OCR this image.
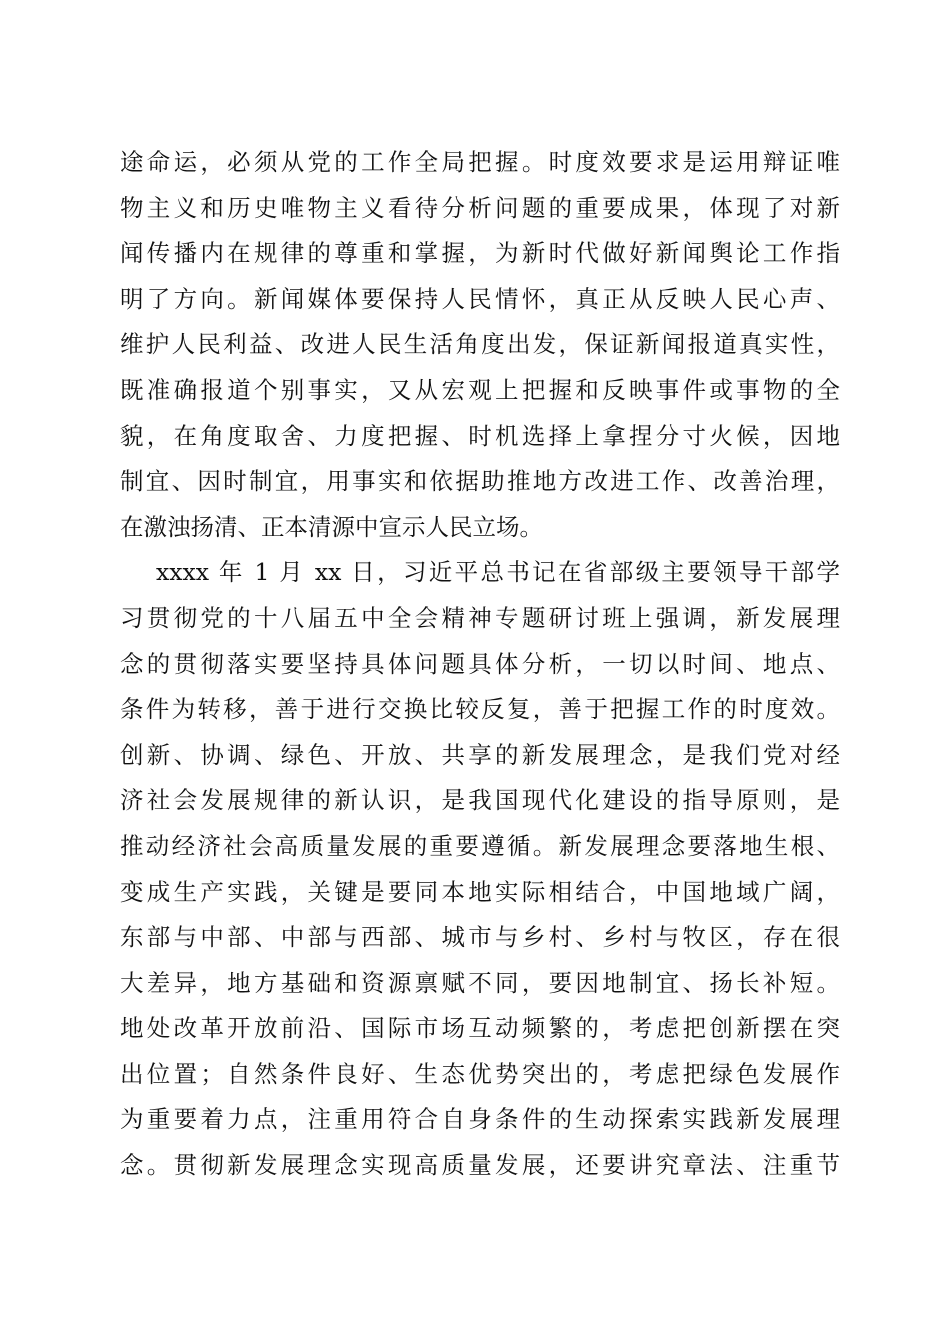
途命运，必须从党的工作全局把握。时度效要求是运用辩证唯
物主义和历史唯物主义看待分析问题的重要成果，体现了对新
闻传播内在规律的尊重和掌握，为新时代做好新闻舆论工作指
明了方向。新闻媒体要保持人民情怀，真正从反映人民心声、
维护人民利益、改进人民生活角度出发，保证新闻报道真实性，
既准确报道个别事实，又从宏观上把握和反映事件或事物的全
貌，在角度取舍、力度把握、时机选择上拿捏分寸火候，因地
制宜、因时制宜，用事实和依据助推地方改进工作、改善治理，
在激浊扬清、正本清源中宣示人民立场。
xxxx 年 1 月 xx 日，习近平总书记在省部级主要领导干部学
习贯彻党的十八届五中全会精神专题研讨班上强调，新发展理
念的贯彻落实要坚持具体问题具体分析，一切以时间、地点、
条件为转移，善于进行交换比较反复，善于把握工作的时度效。
创新、协调、绿色、开放、共享的新发展理念，是我们党对经
济社会发展规律的新认识，是我国现代化建设的指导原则，是
推动经济社会高质量发展的重要遵循。新发展理念要落地生根、
变成生产实践，关键是要同本地实际相结合，中国地域广阔，
东部与中部、中部与西部、城市与乡村、乡村与牧区，存在很
大差异，地方基础和资源禀赋不同，要因地制宜、扬长补短。
地处改革开放前沿、国际市场互动频繁的，考虑把创新摆在突
出位置；自然条件良好、生态优势突出的，考虑把绿色发展作
为重要着力点，注重用符合自身条件的生动探索实践新发展理
念。贯彻新发展理念实现高质量发展，还要讲究章法、注重节
